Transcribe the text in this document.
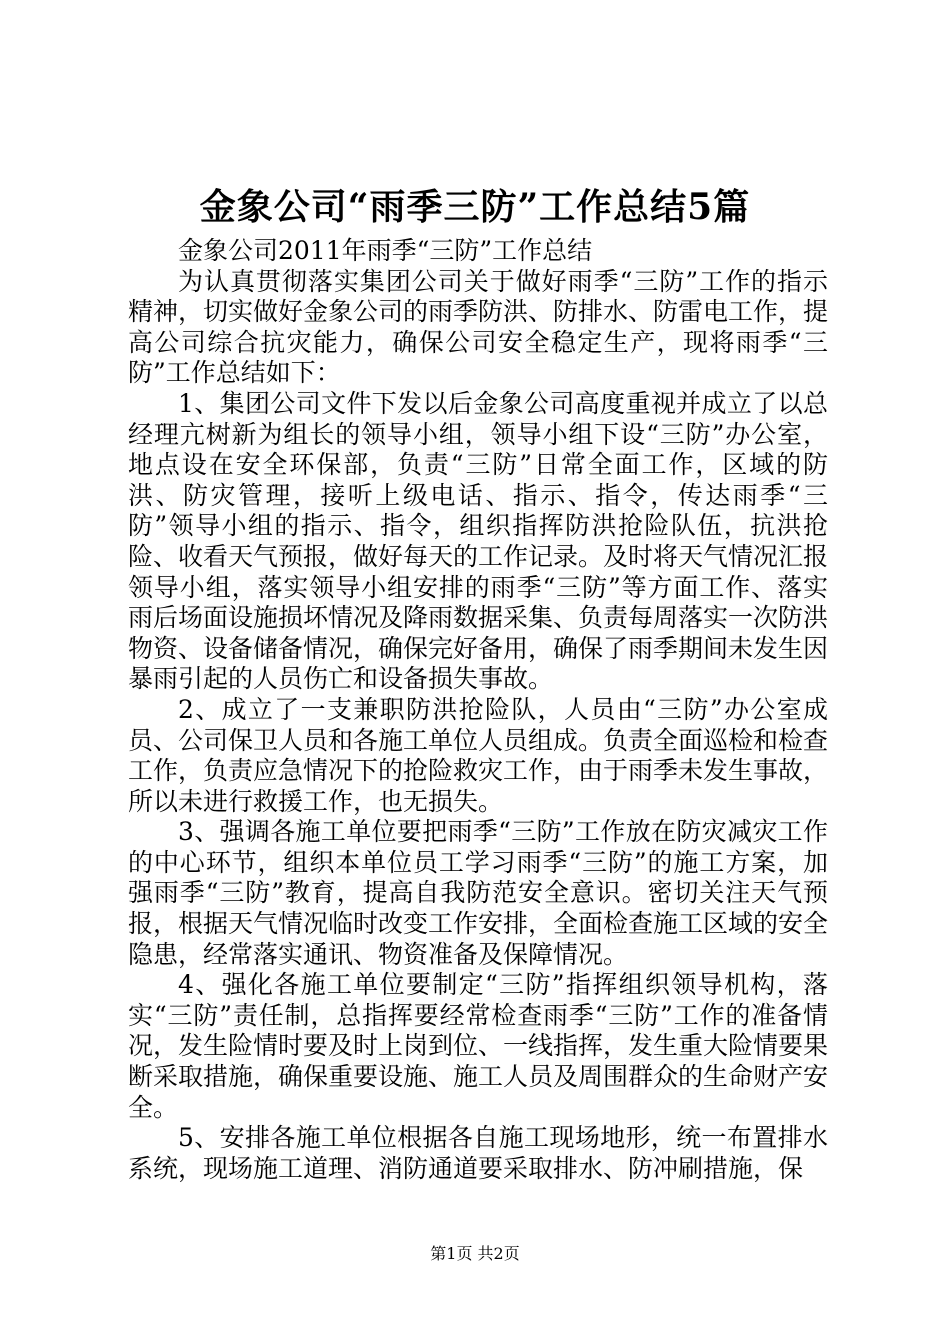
金象公司“雨季三防”工作总结5篇

金象公司2011年雨季“三防”工作总结

为认真贯彻落实集团公司关于做好雨季“三防”工作的指示精神，切实做好金象公司的雨季防洪、防排水、防雷电工作，提高公司综合抗灾能力，确保公司安全稳定生产，现将雨季“三防”工作总结如下：

1、集团公司文件下发以后金象公司高度重视并成立了以总经理亢树新为组长的领导小组，领导小组下设“三防”办公室，地点设在安全环保部，负责“三防”日常全面工作，区域的防洪、防灾管理，接听上级电话、指示、指令，传达雨季“三防”领导小组的指示、指令，组织指挥防洪抢险队伍，抗洪抢险、收看天气预报，做好每天的工作记录。及时将天气情况汇报领导小组，落实领导小组安排的雨季“三防”等方面工作、落实雨后场面设施损坏情况及降雨数据采集、负责每周落实一次防洪物资、设备储备情况，确保完好备用，确保了雨季期间未发生因暴雨引起的人员伤亡和设备损失事故。

2、成立了一支兼职防洪抢险队，人员由“三防”办公室成员、公司保卫人员和各施工单位人员组成。负责全面巡检和检查工作，负责应急情况下的抢险救灾工作，由于雨季未发生事故，所以未进行救援工作，也无损失。

3、强调各施工单位要把雨季“三防”工作放在防灾减灾工作的中心环节，组织本单位员工学习雨季“三防”的施工方案，加强雨季“三防”教育，提高自我防范安全意识。密切关注天气预报，根据天气情况临时改变工作安排，全面检查施工区域的安全隐患，经常落实通讯、物资准备及保障情况。

4、强化各施工单位要制定“三防”指挥组织领导机构，落实“三防”责任制，总指挥要经常检查雨季“三防”工作的准备情况，发生险情时要及时上岗到位、一线指挥，发生重大险情要果断采取措施，确保重要设施、施工人员及周围群众的生命财产安全。

5、安排各施工单位根据各自施工现场地形，统一布置排水系统，现场施工道理、消防通道要采取排水、防冲刷措施，保

第1页 共2页
